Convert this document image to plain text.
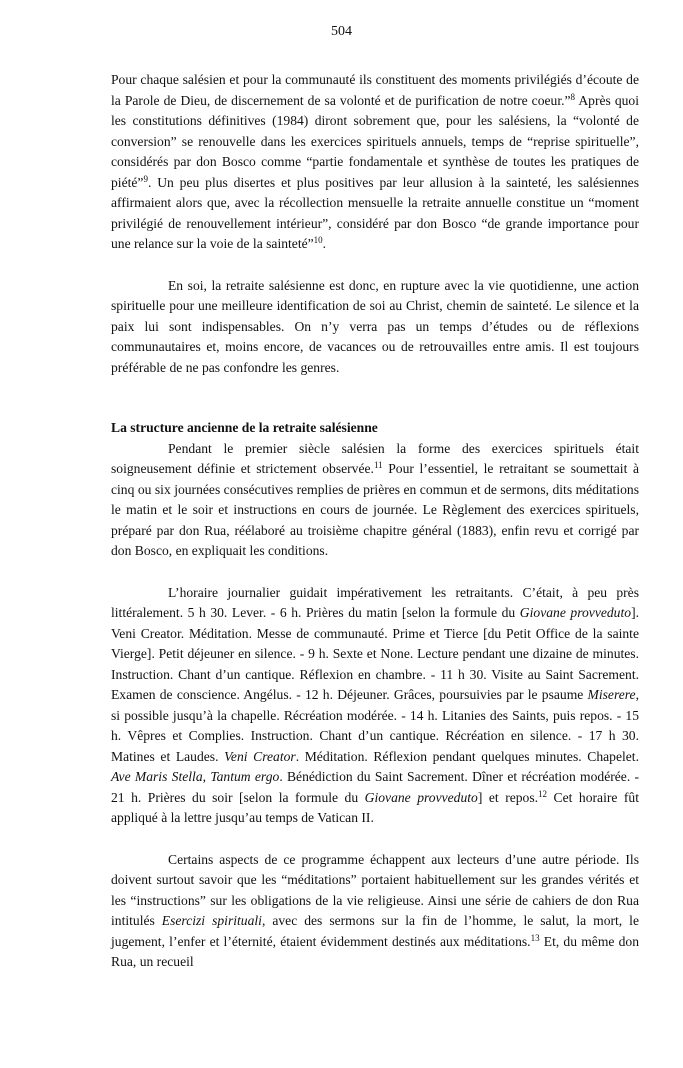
504

Pour chaque salésien et pour la communauté ils constituent des moments privilégiés d’écoute de la Parole de Dieu, de discernement de sa volonté et de purification de notre coeur.”$^8$ Après quoi les constitutions définitives (1984) diront sobrement que, pour les salésiens, la “volonté de conversion” se renouvelle dans les exercices spirituels annuels, temps de “reprise spirituelle”, considérés par don Bosco comme “partie fondamentale et synthèse de toutes les pratiques de piété”$^9$. Un peu plus disertes et plus positives par leur allusion à la sainteté, les salésiennes affirmaient alors que, avec la récollection mensuelle la retraite annuelle constitue un “moment privilégié de renouvellement intérieur”, considéré par don Bosco “de grande importance pour une relance sur la voie de la sainteté”$^{10}$.

En soi, la retraite salésienne est donc, en rupture avec la vie quotidienne, une action spirituelle pour une meilleure identification de soi au Christ, chemin de sainteté. Le silence et la paix lui sont indispensables. On n’y verra pas un temps d’études ou de réflexions communautaires et, moins encore, de vacances ou de retrouvailles entre amis. Il est toujours préférable de ne pas confondre les genres.

La structure ancienne de la retraite salésienne

Pendant le premier siècle salésien la forme des exercices spirituels était soigneusement définie et strictement observée.$^{11}$ Pour l’essentiel, le retraitant se soumettait à cinq ou six journées consécutives remplies de prières en commun et de sermons, dits méditations le matin et le soir et instructions en cours de journée. Le Règlement des exercices spirituels, préparé par don Rua, réélaboré au troisième chapitre général (1883), enfin revu et corrigé par don Bosco, en expliquait les conditions.

L’horaire journalier guidait impérativement les retraitants. C’était, à peu près littéralement. 5 h 30. Lever. - 6 h. Prières du matin [selon la formule du Giovane provveduto]. Veni Creator. Méditation. Messe de communauté. Prime et Tierce [du Petit Office de la sainte Vierge]. Petit déjeuner en silence. - 9 h. Sexte et None. Lecture pendant une dizaine de minutes. Instruction. Chant d’un cantique. Réflexion en chambre. - 11 h 30. Visite au Saint Sacrement. Examen de conscience. Angélus. - 12 h. Déjeuner. Grâces, poursuivies par le psaume Miserere, si possible jusqu’à la chapelle. Récréation modérée. - 14 h. Litanies des Saints, puis repos. - 15 h. Vêpres et Complies. Instruction. Chant d’un cantique. Récréation en silence. - 17 h 30. Matines et Laudes. Veni Creator. Méditation. Réflexion pendant quelques minutes. Chapelet. Ave Maris Stella, Tantum ergo. Bénédiction du Saint Sacrement. Dîner et récréation modérée. - 21 h. Prières du soir [selon la formule du Giovane provveduto] et repos.$^{12}$ Cet horaire fût appliqué à la lettre jusqu’au temps de Vatican II.

Certains aspects de ce programme échappent aux lecteurs d’une autre période. Ils doivent surtout savoir que les “méditations” portaient habituellement sur les grandes vérités et les “instructions” sur les obligations de la vie religieuse. Ainsi une série de cahiers de don Rua intitulés Esercizi spirituali, avec des sermons sur la fin de l’homme, le salut, la mort, le jugement, l’enfer et l’éternité, étaient évidemment destinés aux méditations.$^{13}$ Et, du même don Rua, un recueil
